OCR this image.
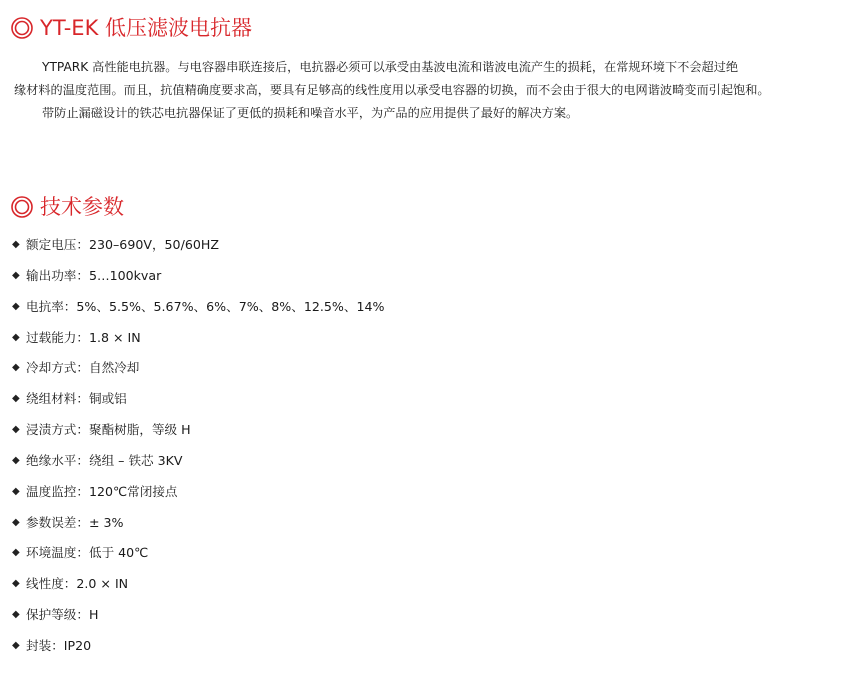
YT-EK 低压滤波电抗器

YTPARK 高性能电抗器。与电容器串联连接后，电抗器必须可以承受由基波电流和谐波电流产生的损耗，在常规环境下不会超过绝

缘材料的温度范围。而且，抗值精确度要求高，要具有足够高的线性度用以承受电容器的切换，而不会由于很大的电网谐波畸变而引起饱和。

带防止漏磁设计的铁芯电抗器保证了更低的损耗和噪音水平，为产品的应用提供了最好的解决方案。

技术参数
◆ 额定电压：230–690V，50/60HZ
◆ 输出功率：5…100kvar
◆ 电抗率：5%、5.5%、5.67%、6%、7%、8%、12.5%、14%
◆ 过载能力：1.8 × IN
◆ 冷却方式：自然冷却
◆ 绕组材料：铜或铝
◆ 浸渍方式：聚酯树脂，等级 H
◆ 绝缘水平：绕组 – 铁芯 3KV
◆ 温度监控：120℃常闭接点
◆ 参数误差：± 3%
◆ 环境温度：低于 40℃
◆ 线性度：2.0 × IN
◆ 保护等级：H
◆ 封装：IP20
